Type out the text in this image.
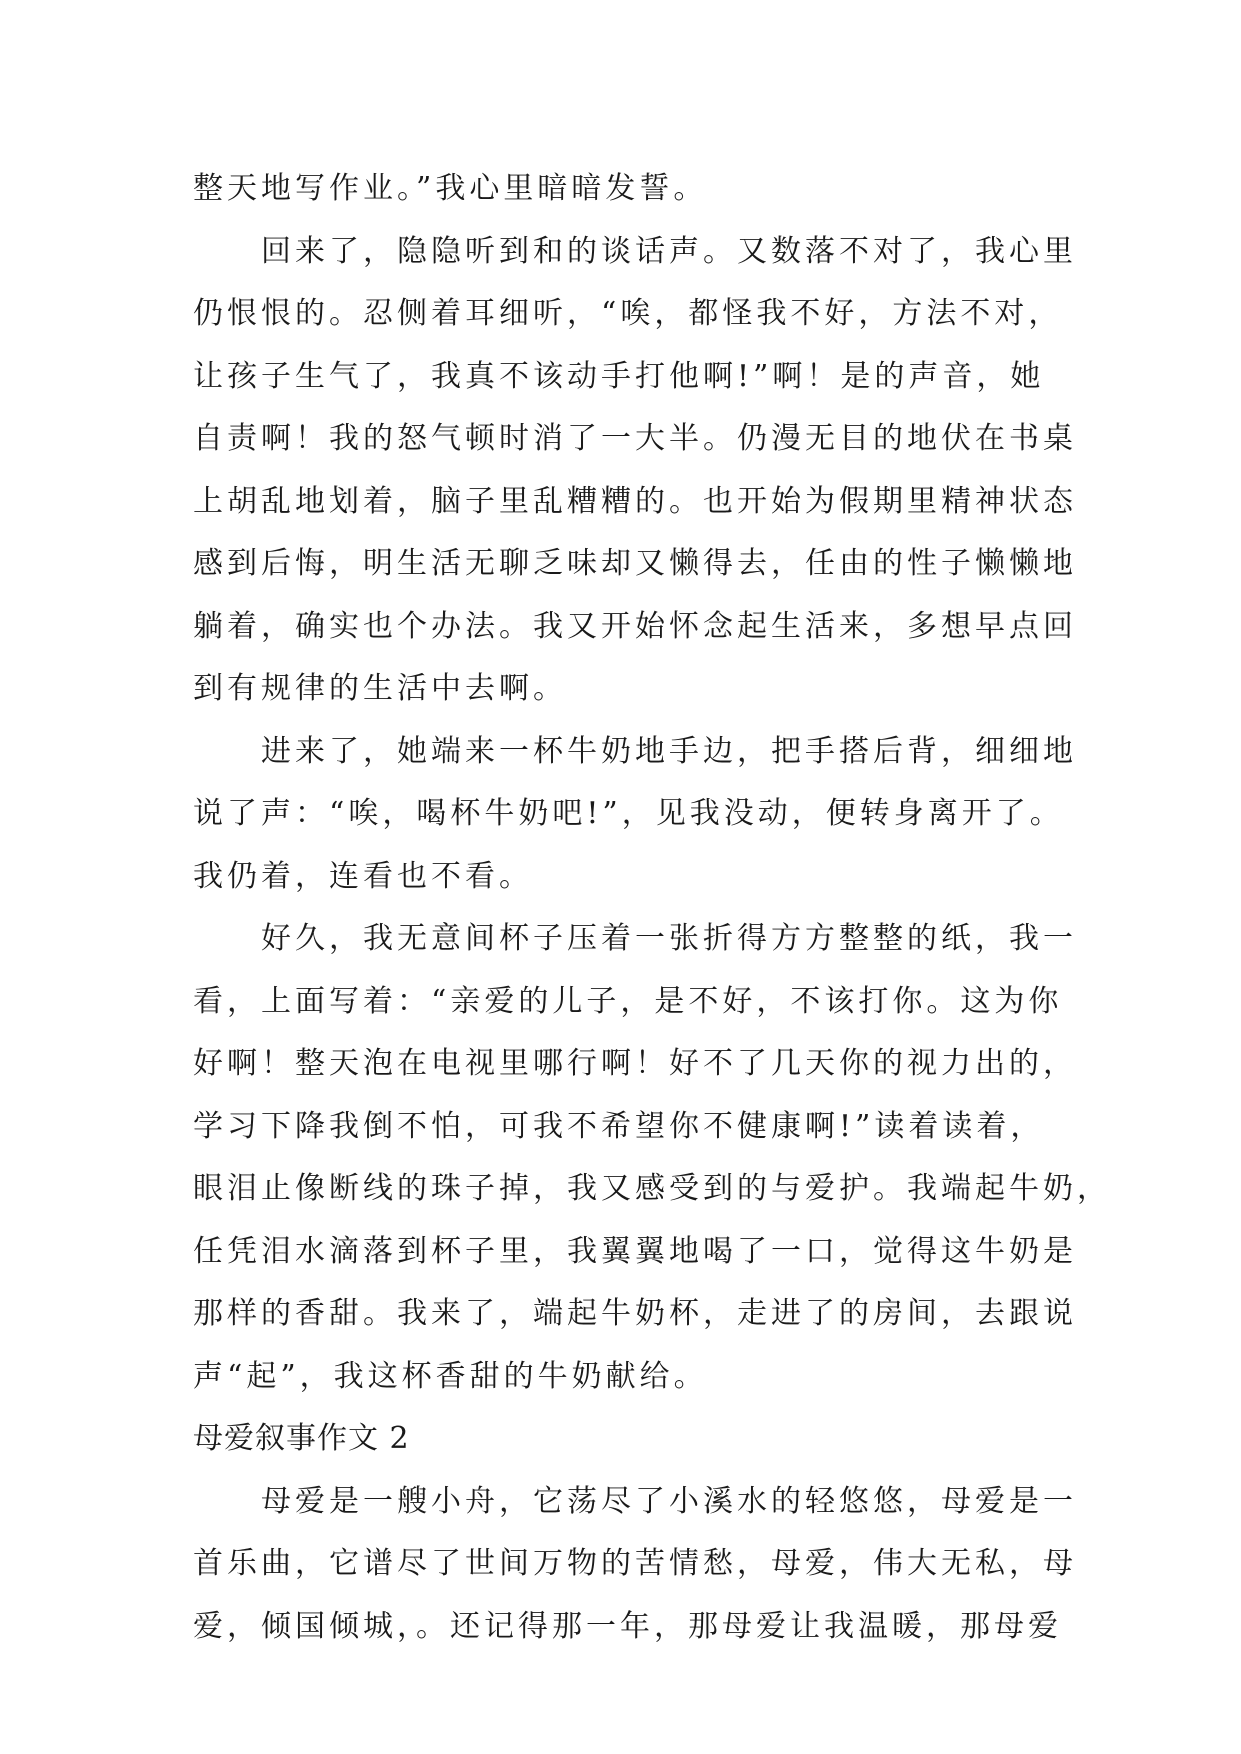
整天地写作业。”我心里暗暗发誓。
回来了，隐隐听到和的谈话声。又数落不对了，我心里
仍恨恨的。忍侧着耳细听，“唉，都怪我不好，方法不对，
让孩子生气了，我真不该动手打他啊!”啊！是的声音，她
自责啊！我的怒气顿时消了一大半。仍漫无目的地伏在书桌
上胡乱地划着，脑子里乱糟糟的。也开始为假期里精神状态
感到后悔，明生活无聊乏味却又懒得去，任由的性子懒懒地
躺着，确实也个办法。我又开始怀念起生活来，多想早点回
到有规律的生活中去啊。
进来了，她端来一杯牛奶地手边，把手搭后背，细细地
说了声：“唉，喝杯牛奶吧!”，见我没动，便转身离开了。
我仍着，连看也不看。
好久，我无意间杯子压着一张折得方方整整的纸，我一
看，上面写着：“亲爱的儿子，是不好，不该打你。这为你
好啊！整天泡在电视里哪行啊！好不了几天你的视力出的，
学习下降我倒不怕，可我不希望你不健康啊!”读着读着，
眼泪止像断线的珠子掉，我又感受到的与爱护。我端起牛奶，
任凭泪水滴落到杯子里，我翼翼地喝了一口，觉得这牛奶是
那样的香甜。我来了，端起牛奶杯，走进了的房间，去跟说
声“起”，我这杯香甜的牛奶献给。
母爱叙事作文 2
母爱是一艘小舟，它荡尽了小溪水的轻悠悠，母爱是一
首乐曲，它谱尽了世间万物的苦情愁，母爱，伟大无私，母
爱，倾国倾城，。还记得那一年，那母爱让我温暖，那母爱
